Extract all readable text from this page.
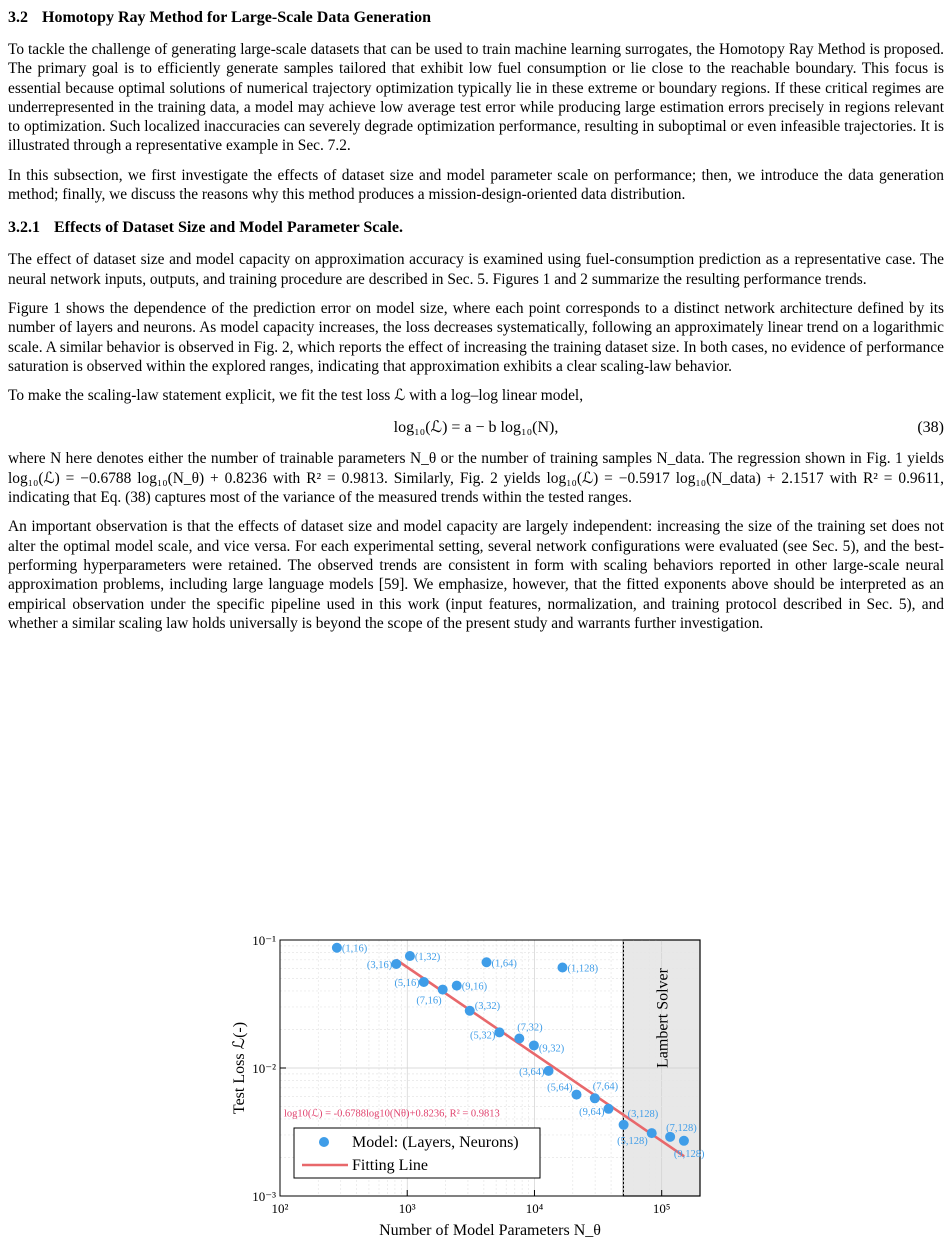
3.2 Homotopy Ray Method for Large-Scale Data Generation

To tackle the challenge of generating large-scale datasets that can be used to train machine learning surrogates, the Homotopy Ray Method is proposed. The primary goal is to efficiently generate samples tailored that exhibit low fuel consumption or lie close to the reachable boundary. This focus is essential because optimal solutions of numerical trajectory optimization typically lie in these extreme or boundary regions. If these critical regimes are underrepresented in the training data, a model may achieve low average test error while producing large estimation errors precisely in regions relevant to optimization. Such localized inaccuracies can severely degrade optimization performance, resulting in suboptimal or even infeasible trajectories. It is illustrated through a representative example in Sec. 7.2.

In this subsection, we first investigate the effects of dataset size and model parameter scale on performance; then, we introduce the data generation method; finally, we discuss the reasons why this method produces a mission-design-oriented data distribution.

3.2.1 Effects of Dataset Size and Model Parameter Scale.

The effect of dataset size and model capacity on approximation accuracy is examined using fuel-consumption prediction as a representative case. The neural network inputs, outputs, and training procedure are described in Sec. 5. Figures 1 and 2 summarize the resulting performance trends.

Figure 1 shows the dependence of the prediction error on model size, where each point corresponds to a distinct network architecture defined by its number of layers and neurons. As model capacity increases, the loss decreases systematically, following an approximately linear trend on a logarithmic scale. A similar behavior is observed in Fig. 2, which reports the effect of increasing the training dataset size. In both cases, no evidence of performance saturation is observed within the explored ranges, indicating that approximation exhibits a clear scaling-law behavior.

To make the scaling-law statement explicit, we fit the test loss ℒ with a log–log linear model,

log₁₀(ℒ) = a − b log₁₀(N),	(38)

where N here denotes either the number of trainable parameters N_θ or the number of training samples N_data. The regression shown in Fig. 1 yields log₁₀(ℒ) = −0.6788 log₁₀(N_θ) + 0.8236 with R² = 0.9813. Similarly, Fig. 2 yields log₁₀(ℒ) = −0.5917 log₁₀(N_data) + 2.1517 with R² = 0.9611, indicating that Eq. (38) captures most of the variance of the measured trends within the tested ranges.

An important observation is that the effects of dataset size and model capacity are largely independent: increasing the size of the training set does not alter the optimal model scale, and vice versa. For each experimental setting, several network configurations were evaluated (see Sec. 5), and the best-performing hyperparameters were retained. The observed trends are consistent in form with scaling behaviors reported in other large-scale neural approximation problems, including large language models [59]. We emphasize, however, that the fitted exponents above should be interpreted as an empirical observation under the specific pipeline used in this work (input features, normalization, and training protocol described in Sec. 5), and whether a similar scaling law holds universally is beyond the scope of the present study and warrants further investigation.

10²	10³	10⁴	10⁵
10⁻¹
10⁻²
10⁻³
Number of Model Parameters N_θ
Test Loss ℒ(-)
Lambert Solver
log10(ℒ) = -0.6788log10(Nθ)+0.8236, R² = 0.9813
(1,16)
(3,16)
(1,32)
(5,16)
(7,16)
(9,16)
(1,64)
(3,32)
(5,32)
(7,32)
(9,32)
(1,128)
(3,64)
(5,64) (7,64)
(9,64) (3,128)
(5,128)
(7,128)
(9,128)
Model: (Layers, Neurons)
Fitting Line
